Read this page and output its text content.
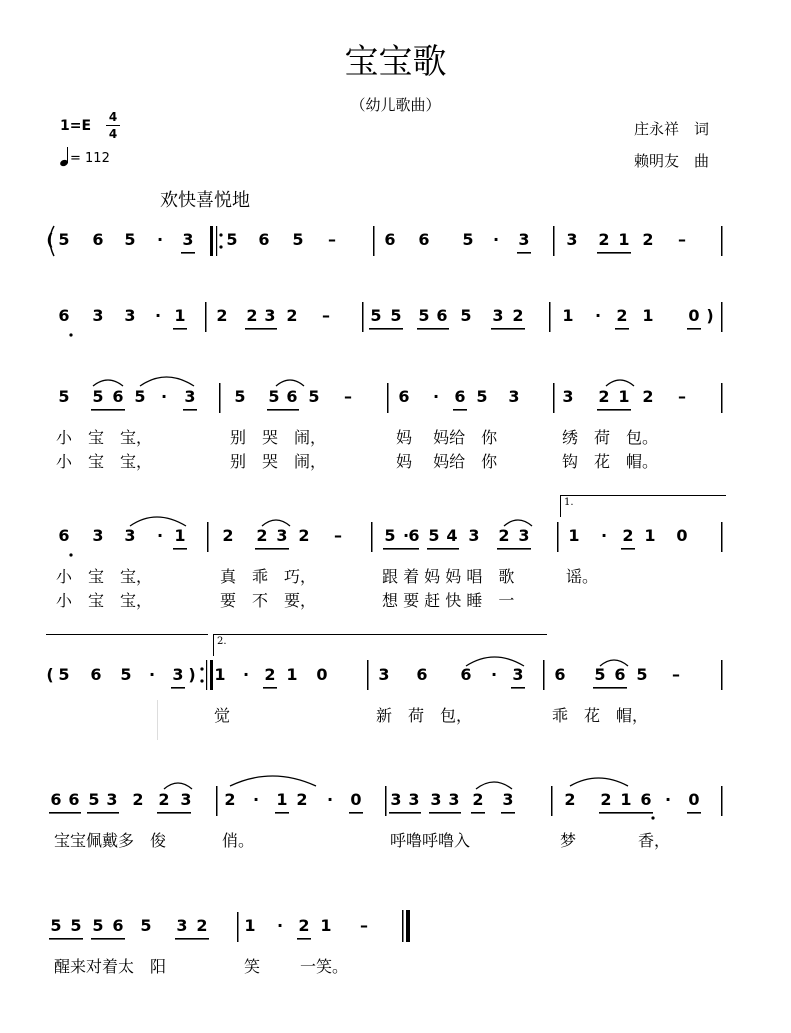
宝宝歌
（幼儿歌曲）
1=E
4
4
= 112
庄永祥　词
赖明友　曲
欢快喜悦地
( 5 6 5 · 3 5 6 5 –	6 6 5 · 3 3 2 1 2 –
6 3 3 · 1 2 2 3 2 –	5 5 5 6 5 3 2 1 · 2 1 0 )
5 5 6 5 · 3 5 5 6 5 –	6 · 6 5 3	3 2 1 2 –
小　宝　宝，
小　宝　宝，
别　哭　闹，
别　哭　闹，
妈　 妈给　你
妈　 妈给　你
绣　荷　包。
钩　花　帽。
6 3 3 · 1 2 2 3 2 –	5 · 6 5 4 3 2 3 1 · 2 1 0
小　宝　宝，
小　宝　宝，
真　乖　巧，
要　不　要，
跟 着 妈 妈 唱　歌
想 要 赶 快 睡　一
谣。
1.
( 5 6 5 · 3 ) 1 · 2 1 0	3 6 6 · 3 6 5 6 5 –
觉	新　荷　包，	乖　花　帽，
2.
6 6 5 3 2 2 3 2 · 1 2 · 0 3 3 3 3 2 3	2 2 1 6 · 0
宝宝佩戴多　俊	俏。	呼噜呼噜入	梦	香，
5 5 5 6 5 3 2 1 · 2 1 –
醒来对着太　阳	笑 一笑。
